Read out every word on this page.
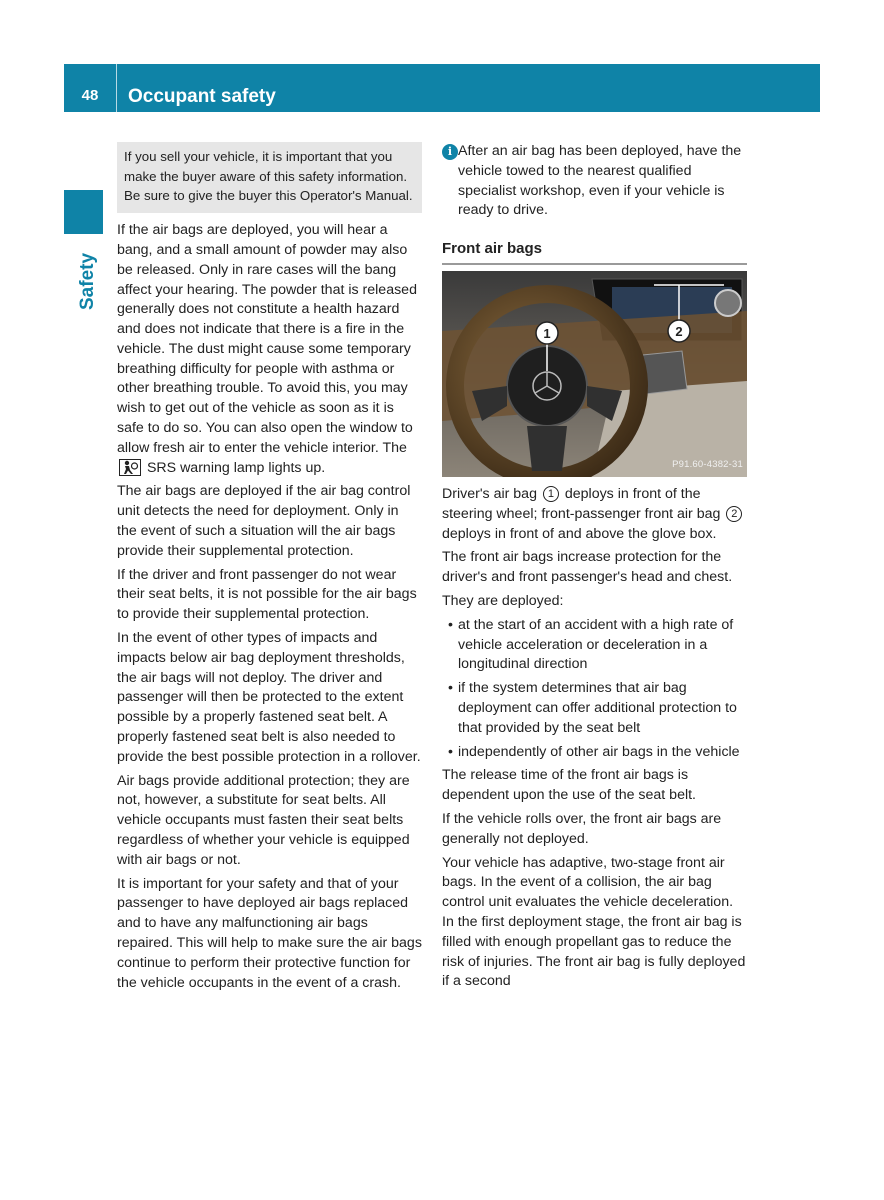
48	Occupant safety
Safety
If you sell your vehicle, it is important that you make the buyer aware of this safety information. Be sure to give the buyer this Operator's Manual.

If the air bags are deployed, you will hear a bang, and a small amount of powder may also be released. Only in rare cases will the bang affect your hearing. The powder that is released generally does not constitute a health hazard and does not indicate that there is a fire in the vehicle. The dust might cause some temporary breathing difficulty for people with asthma or other breathing trouble. To avoid this, you may wish to get out of the vehicle as soon as it is safe to do so. You can also open the window to allow fresh air to enter the vehicle interior. The  SRS warning lamp lights up.

The air bags are deployed if the air bag control unit detects the need for deployment. Only in the event of such a situation will the air bags provide their supplemental protection.

If the driver and front passenger do not wear their seat belts, it is not possible for the air bags to provide their supplemental protection.

In the event of other types of impacts and impacts below air bag deployment thresholds, the air bags will not deploy. The driver and passenger will then be protected to the extent possible by a properly fastened seat belt. A properly fastened seat belt is also needed to provide the best possible protection in a rollover.

Air bags provide additional protection; they are not, however, a substitute for seat belts. All vehicle occupants must fasten their seat belts regardless of whether your vehicle is equipped with air bags or not.

It is important for your safety and that of your passenger to have deployed air bags replaced and to have any malfunctioning air bags repaired. This will help to make sure the air bags continue to perform their protective function for the vehicle occupants in the event of a crash.

i After an air bag has been deployed, have the vehicle towed to the nearest qualified specialist workshop, even if your vehicle is ready to drive.
Front air bags
1	2
P91.60-4382-31

Driver's air bag 1 deploys in front of the steering wheel; front-passenger front air bag 2 deploys in front of and above the glove box.

The front air bags increase protection for the driver's and front passenger's head and chest.

They are deployed:

• at the start of an accident with a high rate of vehicle acceleration or deceleration in a longitudinal direction
• if the system determines that air bag deployment can offer additional protection to that provided by the seat belt
• independently of other air bags in the vehicle

The release time of the front air bags is dependent upon the use of the seat belt.

If the vehicle rolls over, the front air bags are generally not deployed.

Your vehicle has adaptive, two-stage front air bags. In the event of a collision, the air bag control unit evaluates the vehicle deceleration. In the first deployment stage, the front air bag is filled with enough propellant gas to reduce the risk of injuries. The front air bag is fully deployed if a second
